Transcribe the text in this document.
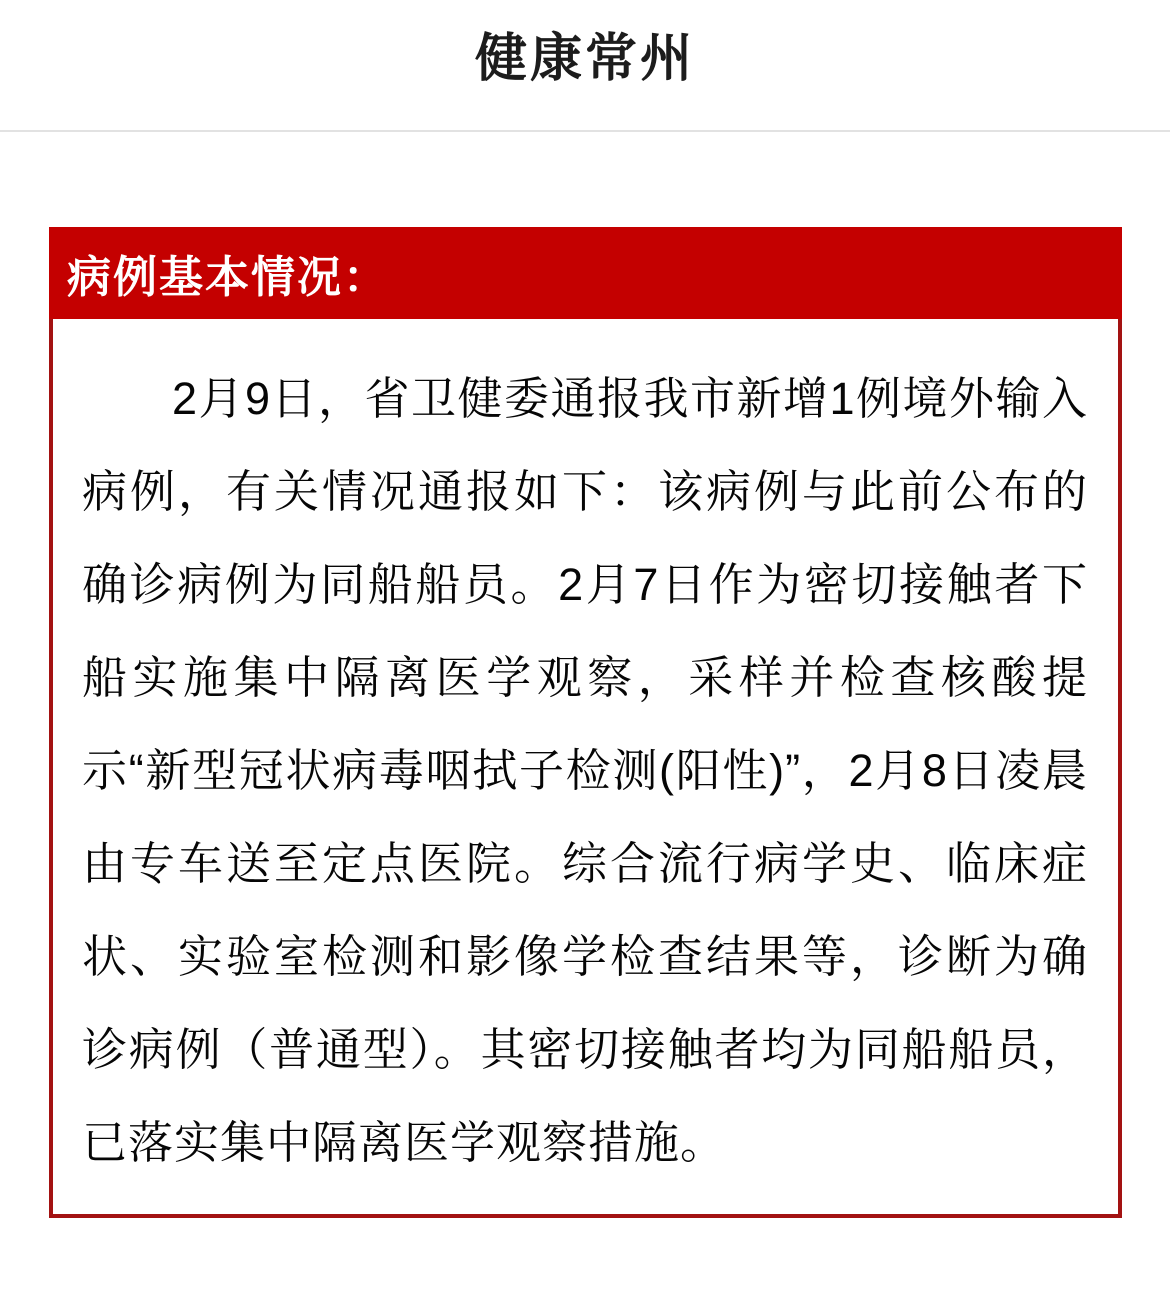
健康常州
病例基本情况：

2月9日，省卫健委通报我市新增1例境外输入病例，有关情况通报如下：该病例与此前公布的确诊病例为同船船员。2月7日作为密切接触者下船实施集中隔离医学观察，采样并检查核酸提示“新型冠状病毒咽拭子检测(阳性)”，2月8日凌晨由专车送至定点医院。综合流行病学史、临床症状、实验室检测和影像学检查结果等，诊断为确诊病例（普通型）。其密切接触者均为同船船员，已落实集中隔离医学观察措施。
